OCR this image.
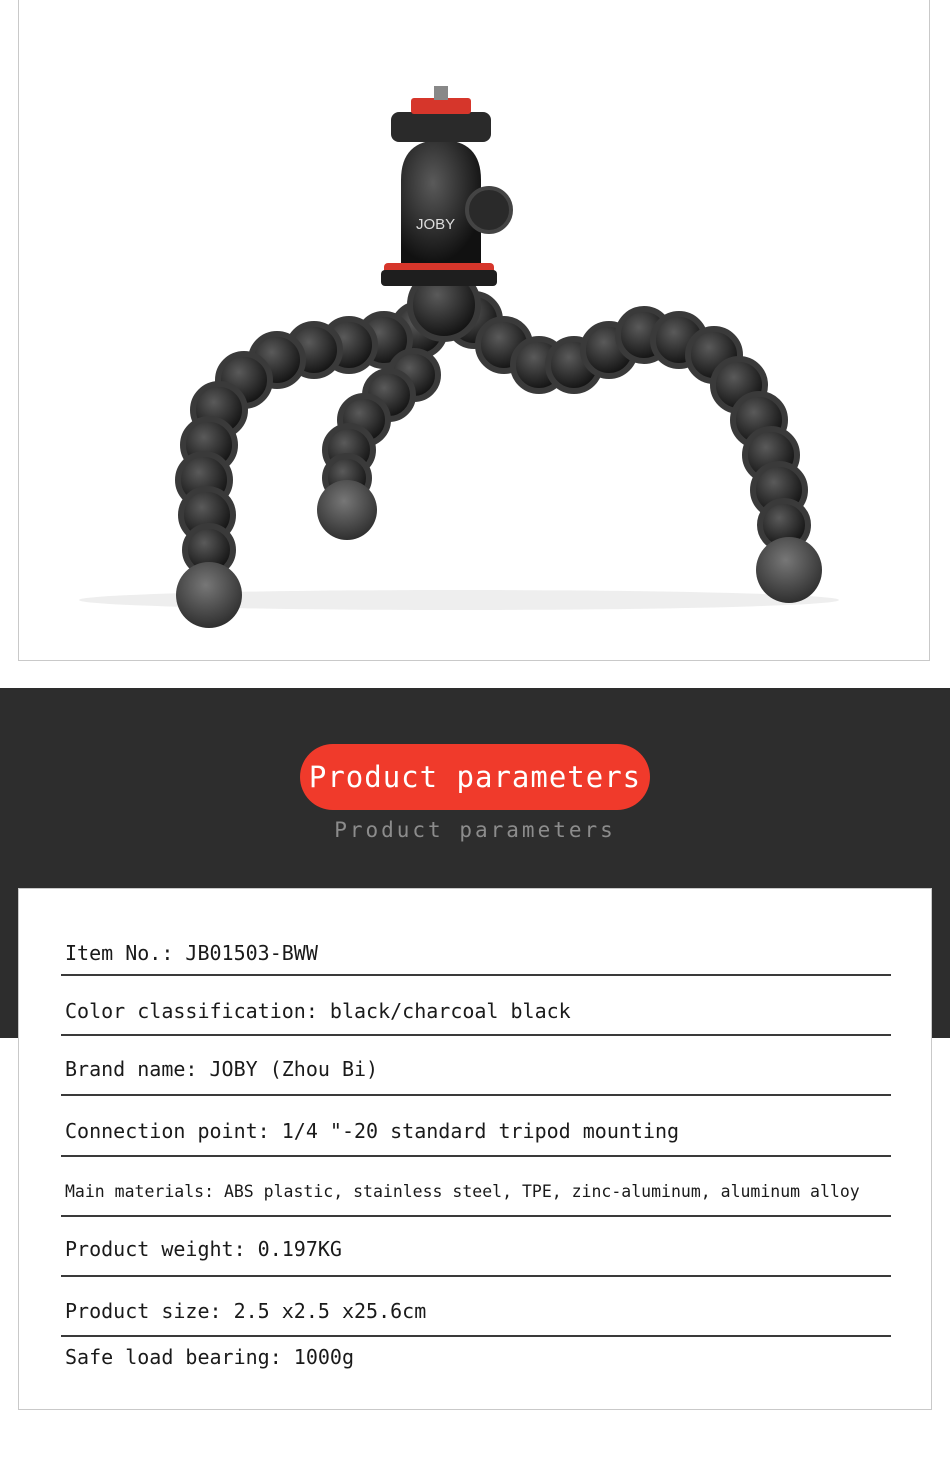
JOBY
Product parameters
Product parameters
Item No.: JB01503-BWW
Color classification: black/charcoal black
Brand name: JOBY (Zhou Bi)
Connection point: 1/4 "-20 standard tripod mounting
Main materials: ABS plastic, stainless steel, TPE, zinc-aluminum, aluminum alloy
Product weight: 0.197KG
Product size: 2.5 x2.5 x25.6cm
Safe load bearing: 1000g
